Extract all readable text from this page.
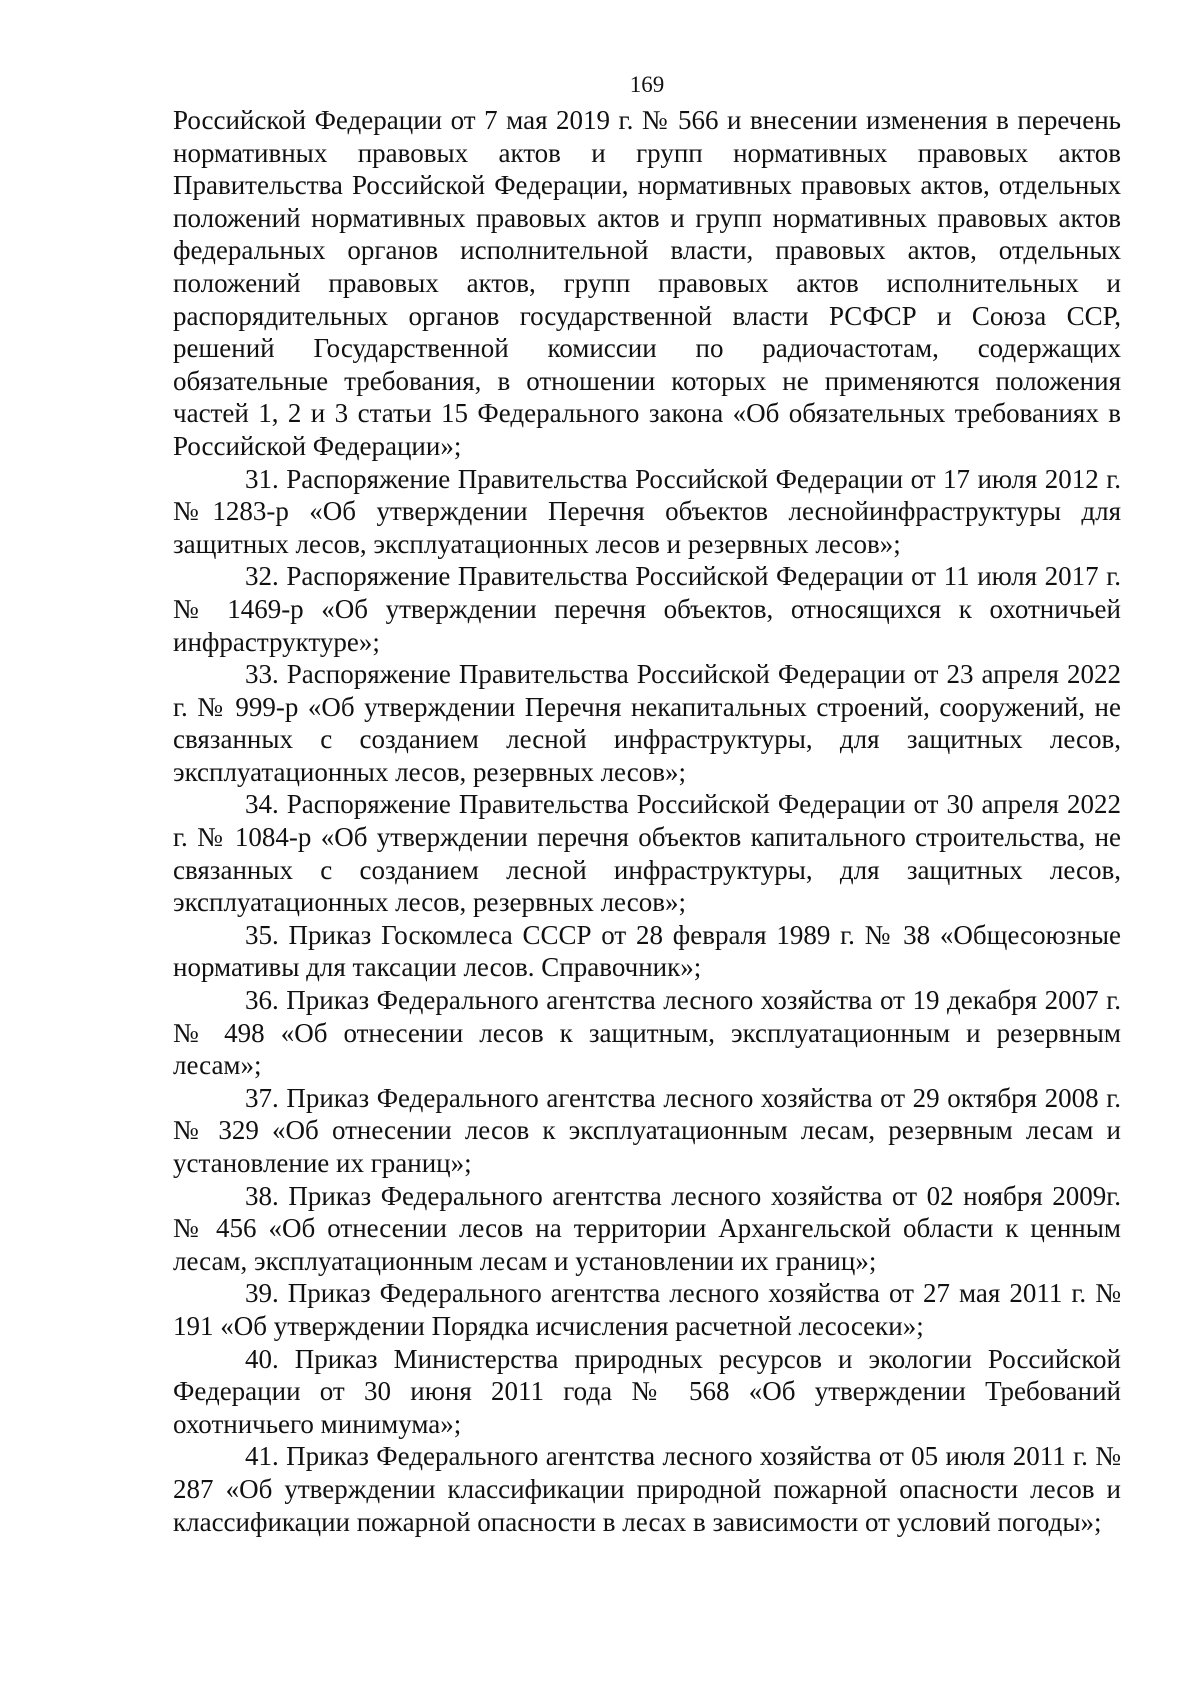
169

Российской Федерации от 7 мая 2019 г. № 566 и внесении изменения в перечень нормативных правовых актов и групп нормативных правовых актов Правительства Российской Федерации, нормативных правовых актов, отдельных положений нормативных правовых актов и групп нормативных правовых актов федеральных органов исполнительной власти, правовых актов, отдельных положений правовых актов, групп правовых актов исполнительных и распорядительных органов государственной власти РСФСР и Союза ССР, решений Государственной комиссии по радиочастотам, содержащих обязательные требования, в отношении которых не применяются положения частей 1, 2 и 3 статьи 15 Федерального закона «Об обязательных требованиях в Российской Федерации»;

31. Распоряжение Правительства Российской Федерации от 17 июля 2012 г. №1283-р «Об утверждении Перечня объектов леснойинфраструктуры для защитных лесов, эксплуатационных лесов и резервных лесов»;

32. Распоряжение Правительства Российской Федерации от 11 июля 2017 г. № 1469-р «Об утверждении перечня объектов, относящихся к охотничьей инфраструктуре»;

33. Распоряжение Правительства Российской Федерации от 23 апреля 2022 г. № 999-р «Об утверждении Перечня некапитальных строений, сооружений, не связанных с созданием лесной инфраструктуры, для защитных лесов, эксплуатационных лесов, резервных лесов»;

34. Распоряжение Правительства Российской Федерации от 30 апреля 2022 г. № 1084-р «Об утверждении перечня объектов капитального строительства, не связанных с созданием лесной инфраструктуры, для защитных лесов, эксплуатационных лесов, резервных лесов»;

35. Приказ Госкомлеса СССР от 28 февраля 1989 г. № 38 «Общесоюзные нормативы для таксации лесов. Справочник»;

36. Приказ Федерального агентства лесного хозяйства от 19 декабря 2007 г. № 498 «Об отнесении лесов к защитным, эксплуатационным и резервным лесам»;

37. Приказ Федерального агентства лесного хозяйства от 29 октября 2008 г. № 329 «Об отнесении лесов к эксплуатационным лесам, резервным лесам и установление их границ»;

38. Приказ Федерального агентства лесного хозяйства от 02 ноября 2009г. № 456 «Об отнесении лесов на территории Архангельской области к ценным лесам, эксплуатационным лесам и установлении их границ»;

39. Приказ Федерального агентства лесного хозяйства от 27 мая 2011 г. № 191 «Об утверждении Порядка исчисления расчетной лесосеки»;

40. Приказ Министерства природных ресурсов и экологии Российской Федерации от 30 июня 2011 года № 568 «Об утверждении Требований охотничьего минимума»;

41. Приказ Федерального агентства лесного хозяйства от 05 июля 2011 г. № 287 «Об утверждении классификации природной пожарной опасности лесов и классификации пожарной опасности в лесах в зависимости от условий погоды»;
